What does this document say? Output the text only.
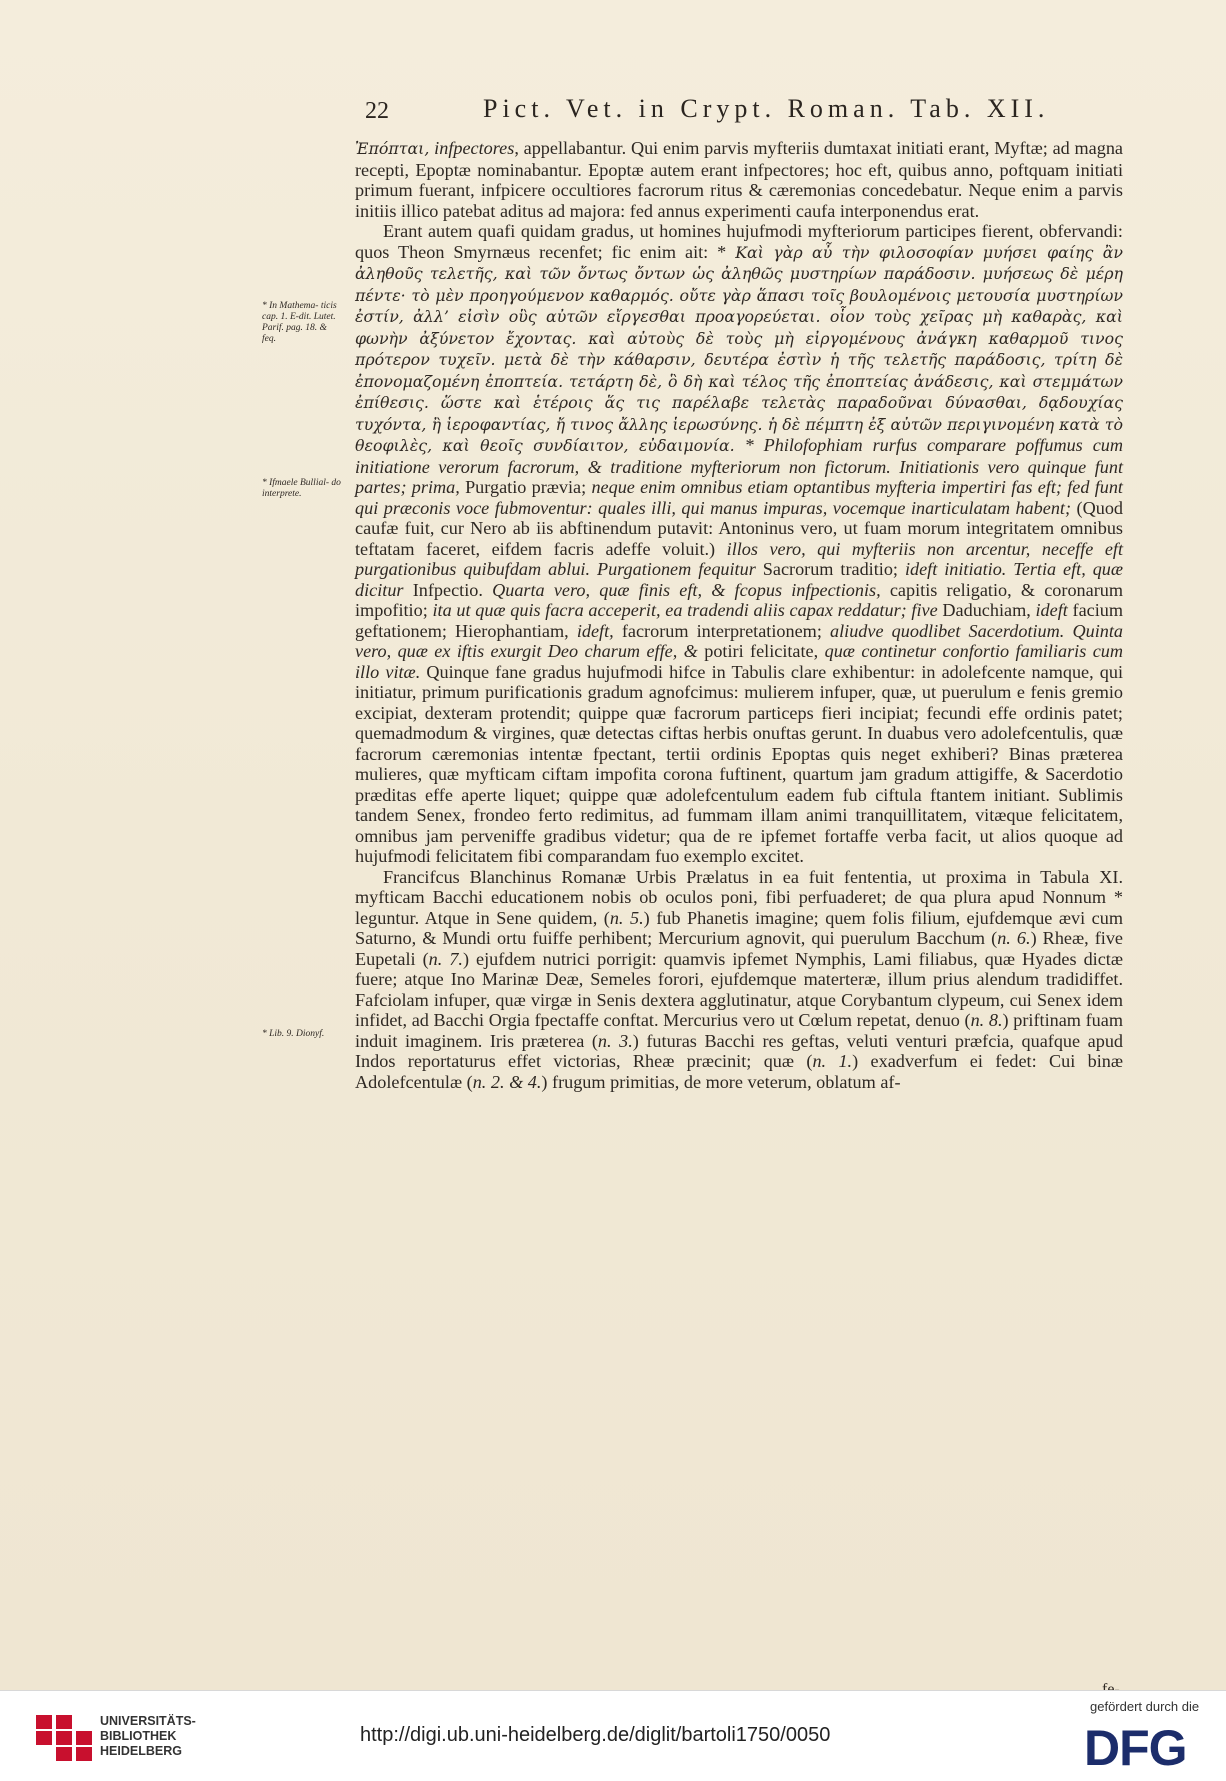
22	Pict. Vet. in Crypt. Roman. Tab. XII.
* In Mathema- ticis cap. 1. E-dit. Lutet. Parif. pag. 18. & feq.
* Ifmaele Bullial- do interprete.
* Lib. 9. Dionyf.

Ἐπόπται, infpectores, appellabantur. Qui enim parvis myfteriis dumtaxat initiati erant, Myftæ; ad magna recepti, Epoptæ nominabantur. Epoptæ autem erant infpectores; hoc eft, quibus anno, poftquam initiati primum fuerant, infpicere occultiores facrorum ritus & cæremonias concedebatur. Neque enim a parvis initiis illico patebat aditus ad majora: fed annus experimenti caufa interponendus erat.

Erant autem quafi quidam gradus, ut homines hujufmodi myfteriorum participes fierent, obfervandi: quos Theon Smyrnæus recenfet; fic enim ait: * Καὶ γὰρ αὖ τὴν φιλοσοφίαν μυήσει φαίης ἂν ἀληθοῦς τελετῆς, καὶ τῶν ὄντως ὄντων ὡς ἀληθῶς μυστηρίων παράδοσιν. μυήσεως δὲ μέρη πέντε· τὸ μὲν προηγούμενον καθαρμός. οὔτε γὰρ ἅπασι τοῖς βουλομένοις μετουσία μυστηρίων ἐστίν, ἀλλ’ εἰσὶν οὓς αὐτῶν εἴργεσθαι προαγορεύεται. οἷον τοὺς χεῖρας μὴ καθαρὰς, καὶ φωνὴν ἀξύνετον ἔχοντας. καὶ αὐτοὺς δὲ τοὺς μὴ εἰργομένους ἀνάγκη καθαρμοῦ τινος πρότερον τυχεῖν. μετὰ δὲ τὴν κάθαρσιν, δευτέρα ἐστὶν ἡ τῆς τελετῆς παράδοσις, τρίτη δὲ ἐπονομαζομένη ἐποπτεία. τετάρτη δὲ, ὃ δὴ καὶ τέλος τῆς ἐποπτείας ἀνάδεσις, καὶ στεμμάτων ἐπίθεσις. ὥστε καὶ ἑτέροις ἅς τις παρέλαβε τελετὰς παραδοῦναι δύνασθαι, δᾳδουχίας τυχόντα, ἢ ἱεροφαντίας, ἤ τινος ἄλλης ἱερωσύνης. ἡ δὲ πέμπτη ἐξ αὐτῶν περιγινομένη κατὰ τὸ θεοφιλὲς, καὶ θεοῖς συνδίαιτον, εὐδαιμονία. * Philofophiam rurfus comparare poffumus cum initiatione verorum facrorum, & traditione myfteriorum non fictorum. Initiationis vero quinque funt partes; prima, Purgatio prævia; neque enim omnibus etiam optantibus myfteria impertiri fas eft; fed funt qui præconis voce fubmoventur: quales illi, qui manus impuras, vocemque inarticulatam habent; (Quod caufæ fuit, cur Nero ab iis abftinendum putavit: Antoninus vero, ut fuam morum integritatem omnibus teftatam faceret, eifdem facris adeffe voluit.) illos vero, qui myfteriis non arcentur, neceffe eft purgationibus quibufdam ablui. Purgationem fequitur Sacrorum traditio; ideft initiatio. Tertia eft, quæ dicitur Infpectio. Quarta vero, quæ finis eft, & fcopus infpectionis, capitis religatio, & coronarum impofitio; ita ut quæ quis facra acceperit, ea tradendi aliis capax reddatur; five Daduchiam, ideft facium geftationem; Hierophantiam, ideft, facrorum interpretationem; aliudve quodlibet Sacerdotium. Quinta vero, quæ ex iftis exurgit Deo charum effe, & potiri felicitate, quæ continetur confortio familiaris cum illo vitæ. Quinque fane gradus hujufmodi hifce in Tabulis clare exhibentur: in adolefcente namque, qui initiatur, primum purificationis gradum agnofcimus: mulierem infuper, quæ, ut puerulum e fenis gremio excipiat, dexteram protendit; quippe quæ facrorum particeps fieri incipiat; fecundi effe ordinis patet; quemadmodum & virgines, quæ detectas ciftas herbis onuftas gerunt. In duabus vero adolefcentulis, quæ facrorum cæremonias intentæ fpectant, tertii ordinis Epoptas quis neget exhiberi? Binas præterea mulieres, quæ myfticam ciftam impofita corona fuftinent, quartum jam gradum attigiffe, & Sacerdotio præditas effe aperte liquet; quippe quæ adolefcentulum eadem fub ciftula ftantem initiant. Sublimis tandem Senex, frondeo ferto redimitus, ad fummam illam animi tranquillitatem, vitæque felicitatem, omnibus jam perveniffe gradibus videtur; qua de re ipfemet fortaffe verba facit, ut alios quoque ad hujufmodi felicitatem fibi comparandam fuo exemplo excitet.

Francifcus Blanchinus Romanæ Urbis Prælatus in ea fuit fententia, ut proxima in Tabula XI. myfticam Bacchi educationem nobis ob oculos poni, fibi perfuaderet; de qua plura apud Nonnum * leguntur. Atque in Sene quidem, (n. 5.) fub Phanetis imagine; quem folis filium, ejufdemque ævi cum Saturno, & Mundi ortu fuiffe perhibent; Mercurium agnovit, qui puerulum Bacchum (n. 6.) Rheæ, five Eupetali (n. 7.) ejufdem nutrici porrigit: quamvis ipfemet Nymphis, Lami filiabus, quæ Hyades dictæ fuere; atque Ino Marinæ Deæ, Semeles forori, ejufdemque materteræ, illum prius alendum tradidiffet. Fafciolam infuper, quæ virgæ in Senis dextera agglutinatur, atque Corybantum clypeum, cui Senex idem infidet, ad Bacchi Orgia fpectaffe conftat. Mercurius vero ut Cœlum repetat, denuo (n. 8.) priftinam fuam induit imaginem. Iris præterea (n. 3.) futuras Bacchi res geftas, veluti venturi præfcia, quafque apud Indos reportaturus effet victorias, Rheæ præcinit; quæ (n. 1.) exadverfum ei fedet: Cui binæ Adolefcentulæ (n. 2. & 4.) frugum primitias, de more veterum, oblatum af-

UNIVERSITÄTS-
BIBLIOTHEK
HEIDELBERG
http://digi.ub.uni-heidelberg.de/diglit/bartoli1750/0050
gefördert durch die
DFG
